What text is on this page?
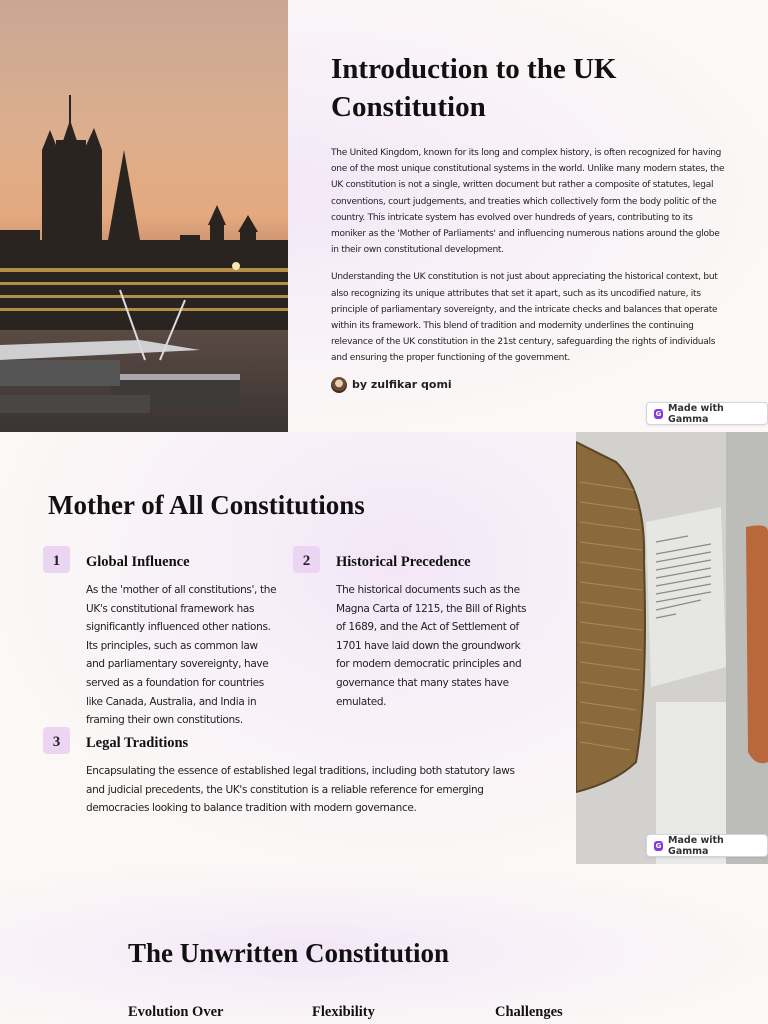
Introduction to the UK Constitution

The United Kingdom, known for its long and complex history, is often recognized for having one of the most unique constitutional systems in the world. Unlike many modern states, the UK constitution is not a single, written document but rather a composite of statutes, legal conventions, court judgements, and treaties which collectively form the body politic of the country. This intricate system has evolved over hundreds of years, contributing to its moniker as the 'Mother of Parliaments' and influencing numerous nations around the globe in their own constitutional development.

Understanding the UK constitution is not just about appreciating the historical context, but also recognizing its unique attributes that set it apart, such as its uncodified nature, its principle of parliamentary sovereignty, and the intricate checks and balances that operate within its framework. This blend of tradition and modernity underlines the continuing relevance of the UK constitution in the 21st century, safeguarding the rights of individuals and ensuring the proper functioning of the government.

by zulfikar qomi
G Made with Gamma
Mother of All Constitutions
1	Global Influence

As the 'mother of all constitutions', the UK's constitutional framework has significantly influenced other nations. Its principles, such as common law and parliamentary sovereignty, have served as a foundation for countries like Canada, Australia, and India in framing their own constitutions.

2	Historical Precedence

The historical documents such as the Magna Carta of 1215, the Bill of Rights of 1689, and the Act of Settlement of 1701 have laid down the groundwork for modern democratic principles and governance that many states have emulated.

3	Legal Traditions

Encapsulating the essence of established legal traditions, including both statutory laws and judicial precedents, the UK's constitution is a reliable reference for emerging democracies looking to balance tradition with modern governance.

G Made with Gamma
The Unwritten Constitution
Evolution Over	Flexibility	Challenges
